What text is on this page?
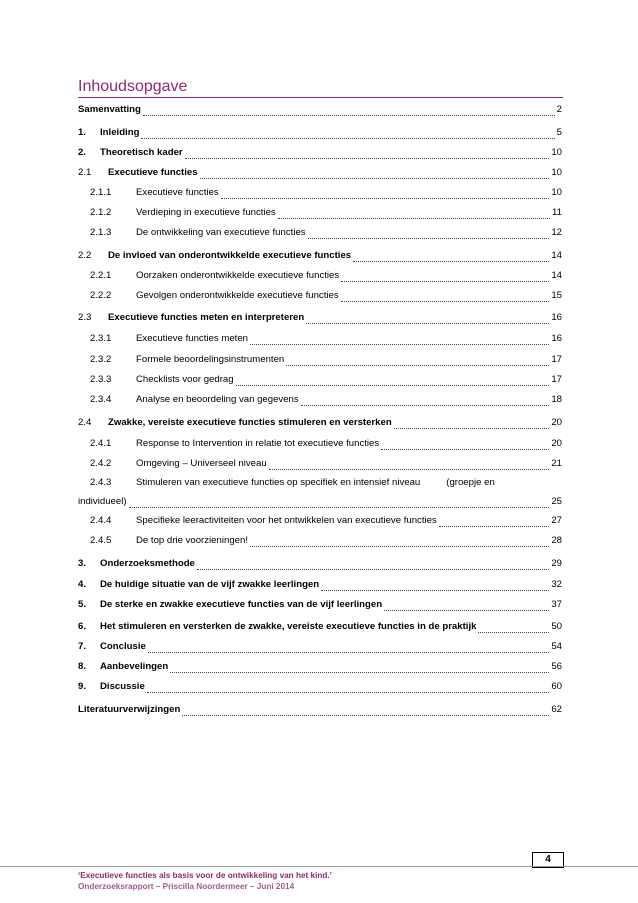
Inhoudsopgave
Samenvatting	2
1.	Inleiding	5
2.	Theoretisch kader	10
2.1	Executieve functies	10
2.1.1	Executieve functies	10
2.1.2	Verdieping in executieve functies	11
2.1.3	De ontwikkeling van executieve functies	12
2.2	De invloed van onderontwikkelde executieve functies	14
2.2.1	Oorzaken onderontwikkelde executieve functies	14
2.2.2	Gevolgen onderontwikkelde executieve functies	15
2.3	Executieve functies meten en interpreteren	16
2.3.1	Executieve functies meten	16
2.3.2	Formele beoordelingsinstrumenten	17
2.3.3	Checklists voor gedrag	17
2.3.4	Analyse en beoordeling van gegevens	18
2.4	Zwakke, vereiste executieve functies stimuleren en versterken	20
2.4.1	Response to Intervention in relatie tot executieve functies	20
2.4.2	Omgeving – Universeel niveau	21
2.4.3	Stimuleren van executieve functies op specifiek en intensief niveau	(groepje en
individueel)	25
2.4.4	Specifieke leeractiviteiten voor het ontwikkelen van executieve functies	27
2.4.5	De top drie voorzieningen!	28
3.	Onderzoeksmethode	29
4.	De huidige situatie van de vijf zwakke leerlingen	32
5.	De sterke en zwakke executieve functies van de vijf leerlingen	37
6.	Het stimuleren en versterken de zwakke, vereiste executieve functies in de praktijk	50
7.	Conclusie	54
8.	Aanbevelingen	56
9.	Discussie	60
Literatuurverwijzingen	62
4
‘Executieve functies als basis voor de ontwikkeling van het kind.’
Onderzoeksrapport – Priscilla Noordermeer – Juni 2014
